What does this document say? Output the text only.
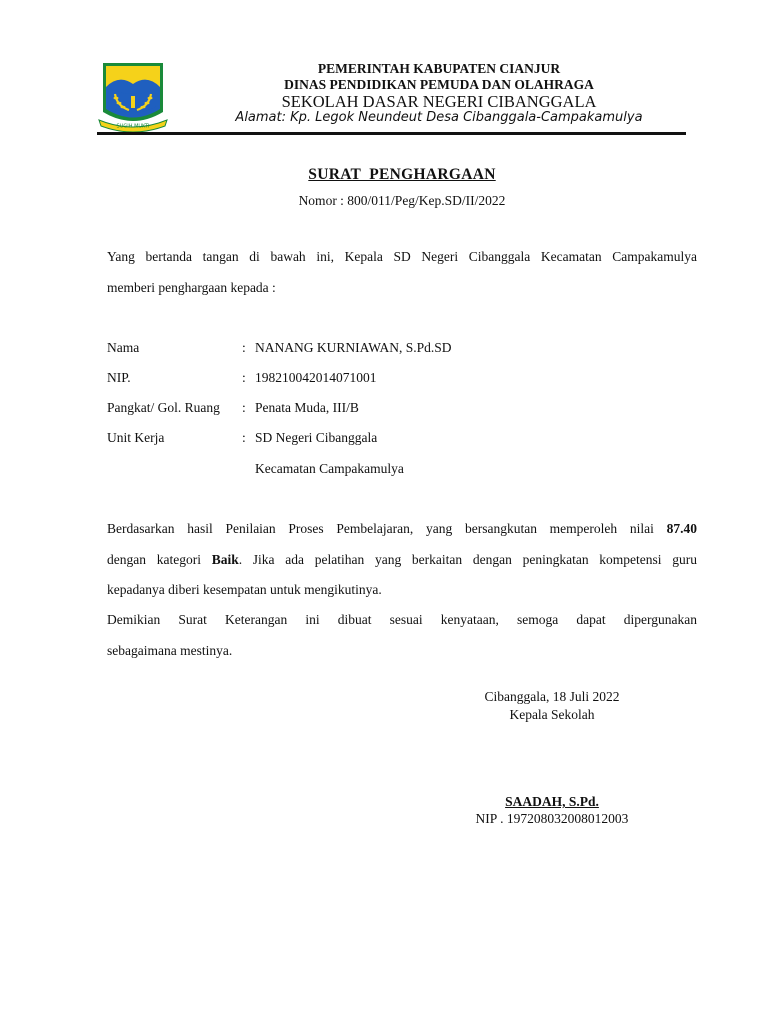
SUGIH MUKTI
PEMERINTAH KABUPATEN CIANJUR
DINAS PENDIDIKAN PEMUDA DAN OLAHRAGA
SEKOLAH DASAR NEGERI CIBANGGALA
Alamat: Kp. Legok Neundeut Desa Cibanggala-Campakamulya
SURAT  PENGHARGAAN
Nomor : 800/011/Peg/Kep.SD/II/2022
Yang bertanda tangan di bawah ini, Kepala SD Negeri Cibanggala Kecamatan Campakamulya
memberi penghargaan kepada :
Nama	: NANANG KURNIAWAN, S.Pd.SD
NIP.	: 198210042014071001
Pangkat/ Gol. Ruang : Penata Muda, III/B
Unit Kerja	: SD Negeri Cibanggala
Kecamatan Campakamulya
Berdasarkan hasil Penilaian Proses Pembelajaran, yang bersangkutan memperoleh nilai 87.40
dengan kategori Baik. Jika ada pelatihan yang berkaitan dengan peningkatan kompetensi guru
kepadanya diberi kesempatan untuk mengikutinya.
Demikian Surat Keterangan ini dibuat sesuai kenyataan, semoga dapat dipergunakan
sebagaimana mestinya.
Cibanggala, 18 Juli 2022
Kepala Sekolah
SAADAH, S.Pd.
NIP . 197208032008012003
